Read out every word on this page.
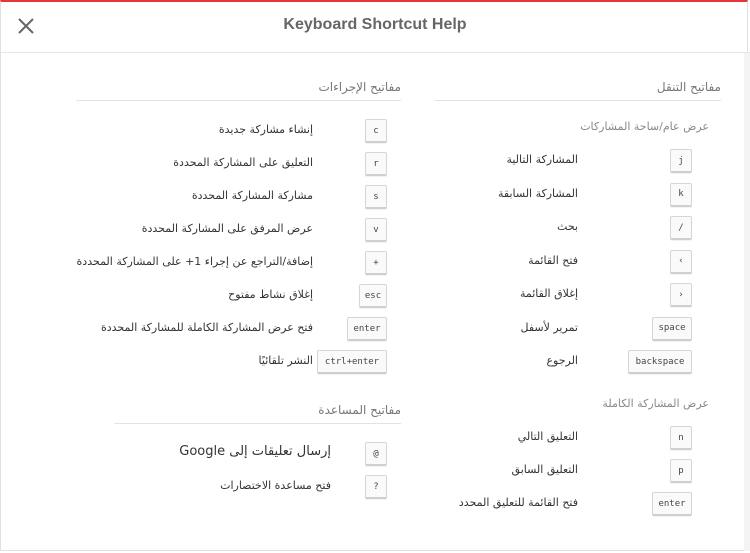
Keyboard Shortcut Help
مفاتيح التنقل
عرض عام/ساحة المشاركات
j
المشاركة التالية
k
المشاركة السابقة
/
بحث
‹
فتح القائمة
›
إغلاق القائمة
space
تمرير لأسفل
backspace
الرجوع
عرض المشاركة الكاملة
n
التعليق التالي
p
التعليق السابق
enter
فتح القائمة للتعليق المحدد
مفاتيح الإجراءات
c
إنشاء مشاركة جديدة
r
التعليق على المشاركة المحددة
s
مشاركة المشاركة المحددة
v
عرض المرفق على المشاركة المحددة
+
إضافة/التراجع عن إجراء 1+ على المشاركة المحددة
esc
إغلاق نشاط مفتوح
enter
فتح عرض المشاركة الكاملة للمشاركة المحددة
ctrl+enter
النشر تلقائيًا
مفاتيح المساعدة
@
إرسال تعليقات إلى Google
?
فتح مساعدة الاختصارات
